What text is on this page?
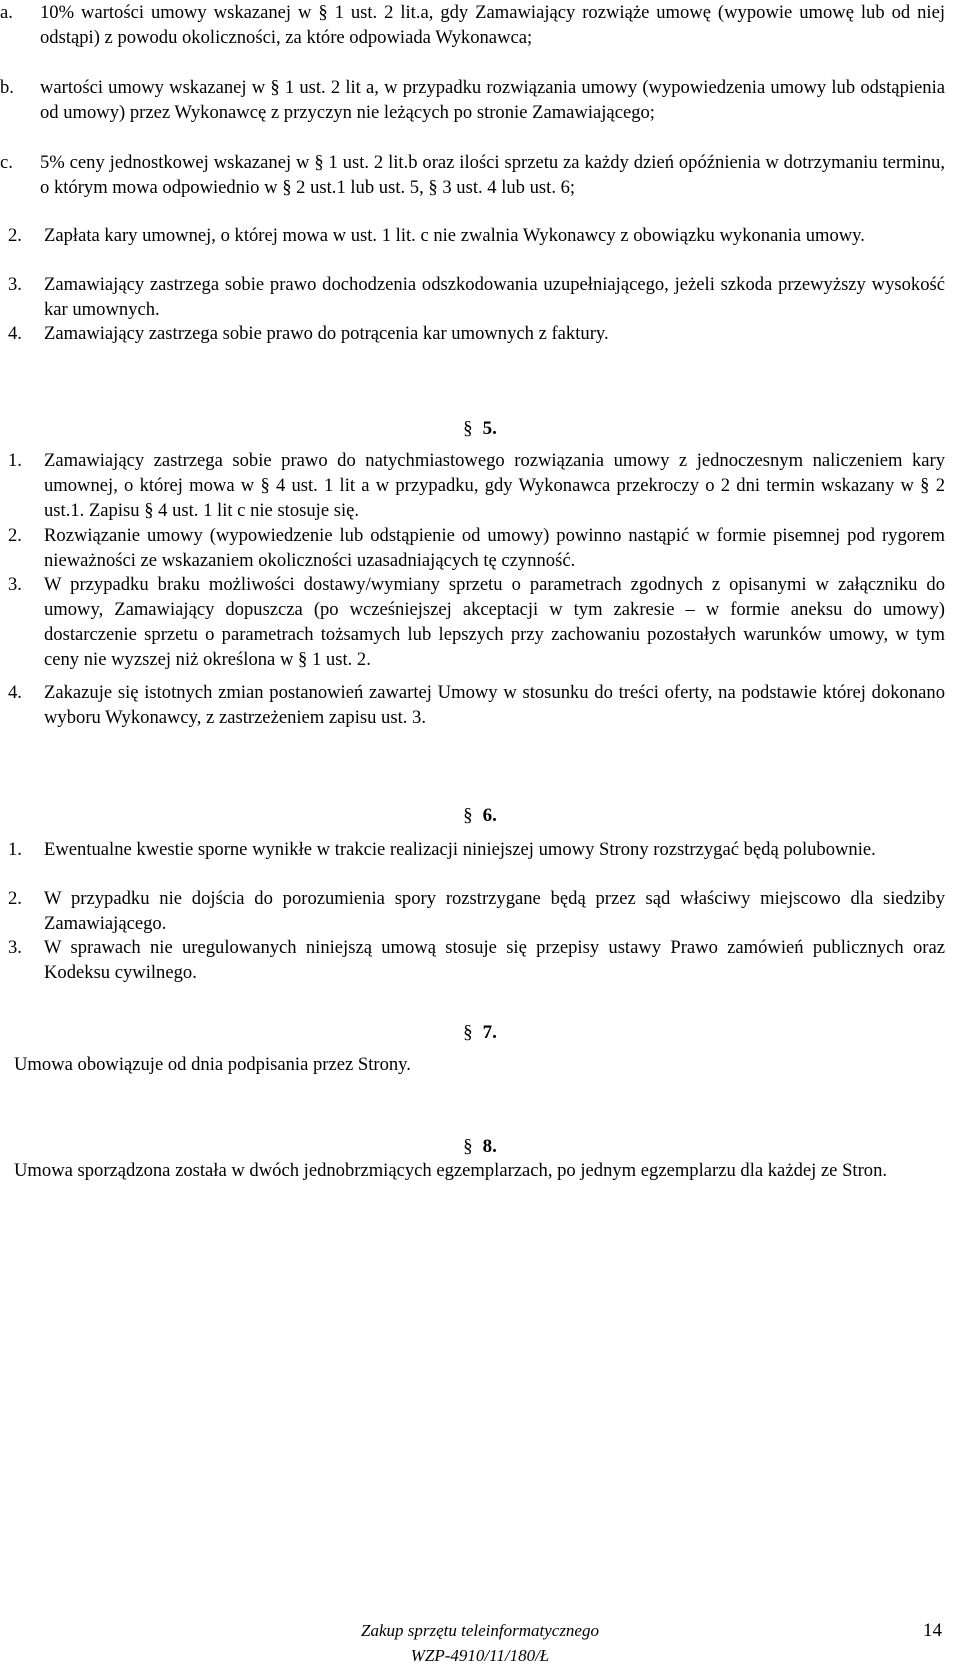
a. 10% wartości umowy wskazanej w § 1 ust. 2 lit.a, gdy Zamawiający rozwiąże umowę (wypowie umowę lub od niej odstąpi) z powodu okoliczności, za które odpowiada Wykonawca;
b. wartości umowy wskazanej w § 1 ust. 2 lit a, w przypadku rozwiązania umowy (wypowiedzenia umowy lub odstąpienia od umowy) przez Wykonawcę z przyczyn nie leżących po stronie Zamawiającego;
c. 5% ceny jednostkowej wskazanej w § 1 ust. 2 lit.b oraz ilości sprzetu za każdy dzień opóźnienia w dotrzymaniu terminu, o którym mowa odpowiednio w § 2 ust.1 lub ust. 5, § 3 ust. 4 lub ust. 6;
2. Zapłata kary umownej, o której mowa w ust. 1 lit. c nie zwalnia Wykonawcy z obowiązku wykonania umowy.
3. Zamawiający zastrzega sobie prawo dochodzenia odszkodowania uzupełniającego, jeżeli szkoda przewyższy wysokość kar umownych.
4. Zamawiający zastrzega sobie prawo do potrącenia kar umownych z faktury.
§ 5.
1. Zamawiający zastrzega sobie prawo do natychmiastowego rozwiązania umowy z jednoczesnym naliczeniem kary umownej, o której mowa w § 4 ust. 1 lit a w przypadku, gdy Wykonawca przekroczy o 2 dni termin wskazany w § 2 ust.1. Zapisu § 4 ust. 1 lit c nie stosuje się.
2. Rozwiązanie umowy (wypowiedzenie lub odstąpienie od umowy) powinno nastąpić w formie pisemnej pod rygorem nieważności ze wskazaniem okoliczności uzasadniających tę czynność.
3. W przypadku braku możliwości dostawy/wymiany sprzetu o parametrach zgodnych z opisanymi w załączniku do umowy, Zamawiający dopuszcza (po wcześniejszej akceptacji w tym zakresie – w formie aneksu do umowy) dostarczenie sprzetu o parametrach tożsamych lub lepszych przy zachowaniu pozostałych warunków umowy, w tym ceny nie wyzszej niż określona w § 1 ust. 2.
4. Zakazuje się istotnych zmian postanowień zawartej Umowy w stosunku do treści oferty, na podstawie której dokonano wyboru Wykonawcy, z zastrzeżeniem zapisu ust. 3.
§ 6.
1. Ewentualne kwestie sporne wynikłe w trakcie realizacji niniejszej umowy Strony rozstrzygać będą polubownie.
2. W przypadku nie dojścia do porozumienia spory rozstrzygane będą przez sąd właściwy miejscowo dla siedziby Zamawiającego.
3. W sprawach nie uregulowanych niniejszą umową stosuje się przepisy ustawy Prawo zamówień publicznych oraz Kodeksu cywilnego.
§ 7.
Umowa obowiązuje od dnia podpisania przez Strony.
§ 8.
Umowa sporządzona została w dwóch jednobrzmiących egzemplarzach, po jednym egzemplarzu dla każdej ze Stron.
Zakup sprzętu teleinformatycznego
WZP-4910/11/180/Ł
14
